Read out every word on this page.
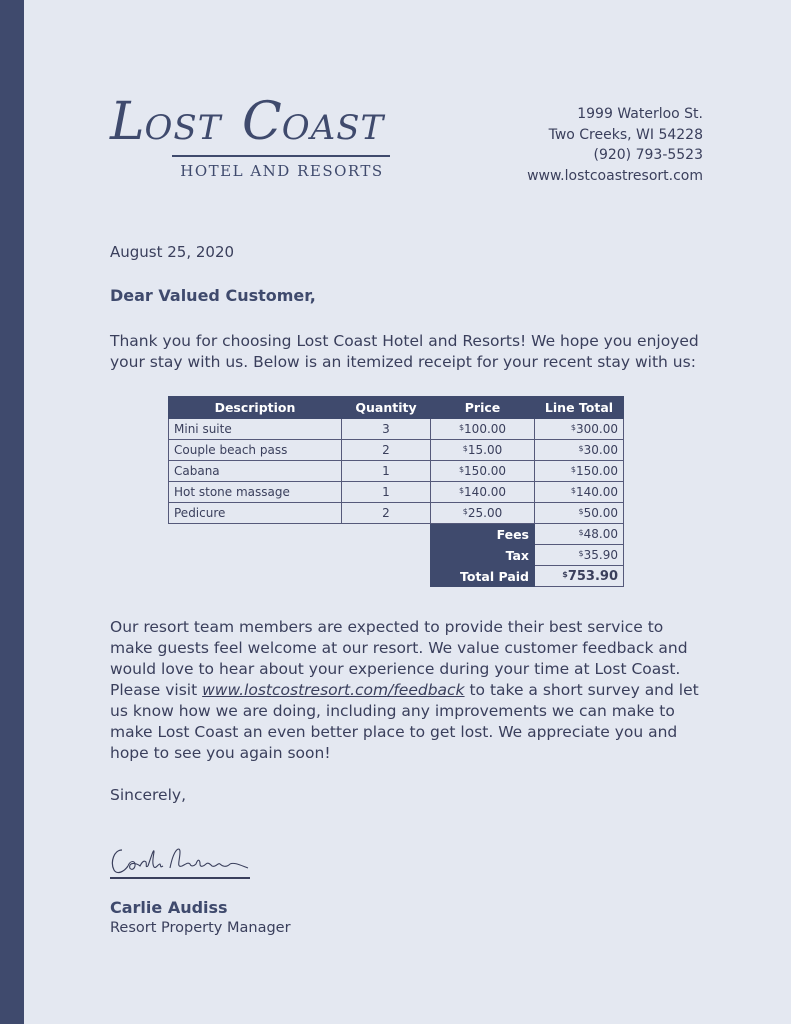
LOST COAST
HOTEL AND RESORTS
1999 Waterloo St.
Two Creeks, WI 54228
(920) 793-5523
www.lostcoastresort.com
August 25, 2020
Dear Valued Customer,
Thank you for choosing Lost Coast Hotel and Resorts! We hope you enjoyed your stay with us. Below is an itemized receipt for your recent stay with us:
Description	Quantity	Price	Line Total
Mini suite	3	$100.00	$300.00
Couple beach pass	2	$15.00	$30.00
Cabana	1	$150.00	$150.00
Hot stone massage	1	$140.00	$140.00
Pedicure	2	$25.00	$50.00
		Fees	$48.00
		Tax	$35.90
		Total Paid	$753.90
Our resort team members are expected to provide their best service to make guests feel welcome at our resort. We value customer feedback and would love to hear about your experience during your time at Lost Coast. Please visit www.lostcostresort.com/feedback to take a short survey and let us know how we are doing, including any improvements we can make to make Lost Coast an even better place to get lost. We appreciate you and hope to see you again soon!
Sincerely,
Carlie Audiss
Resort Property Manager
